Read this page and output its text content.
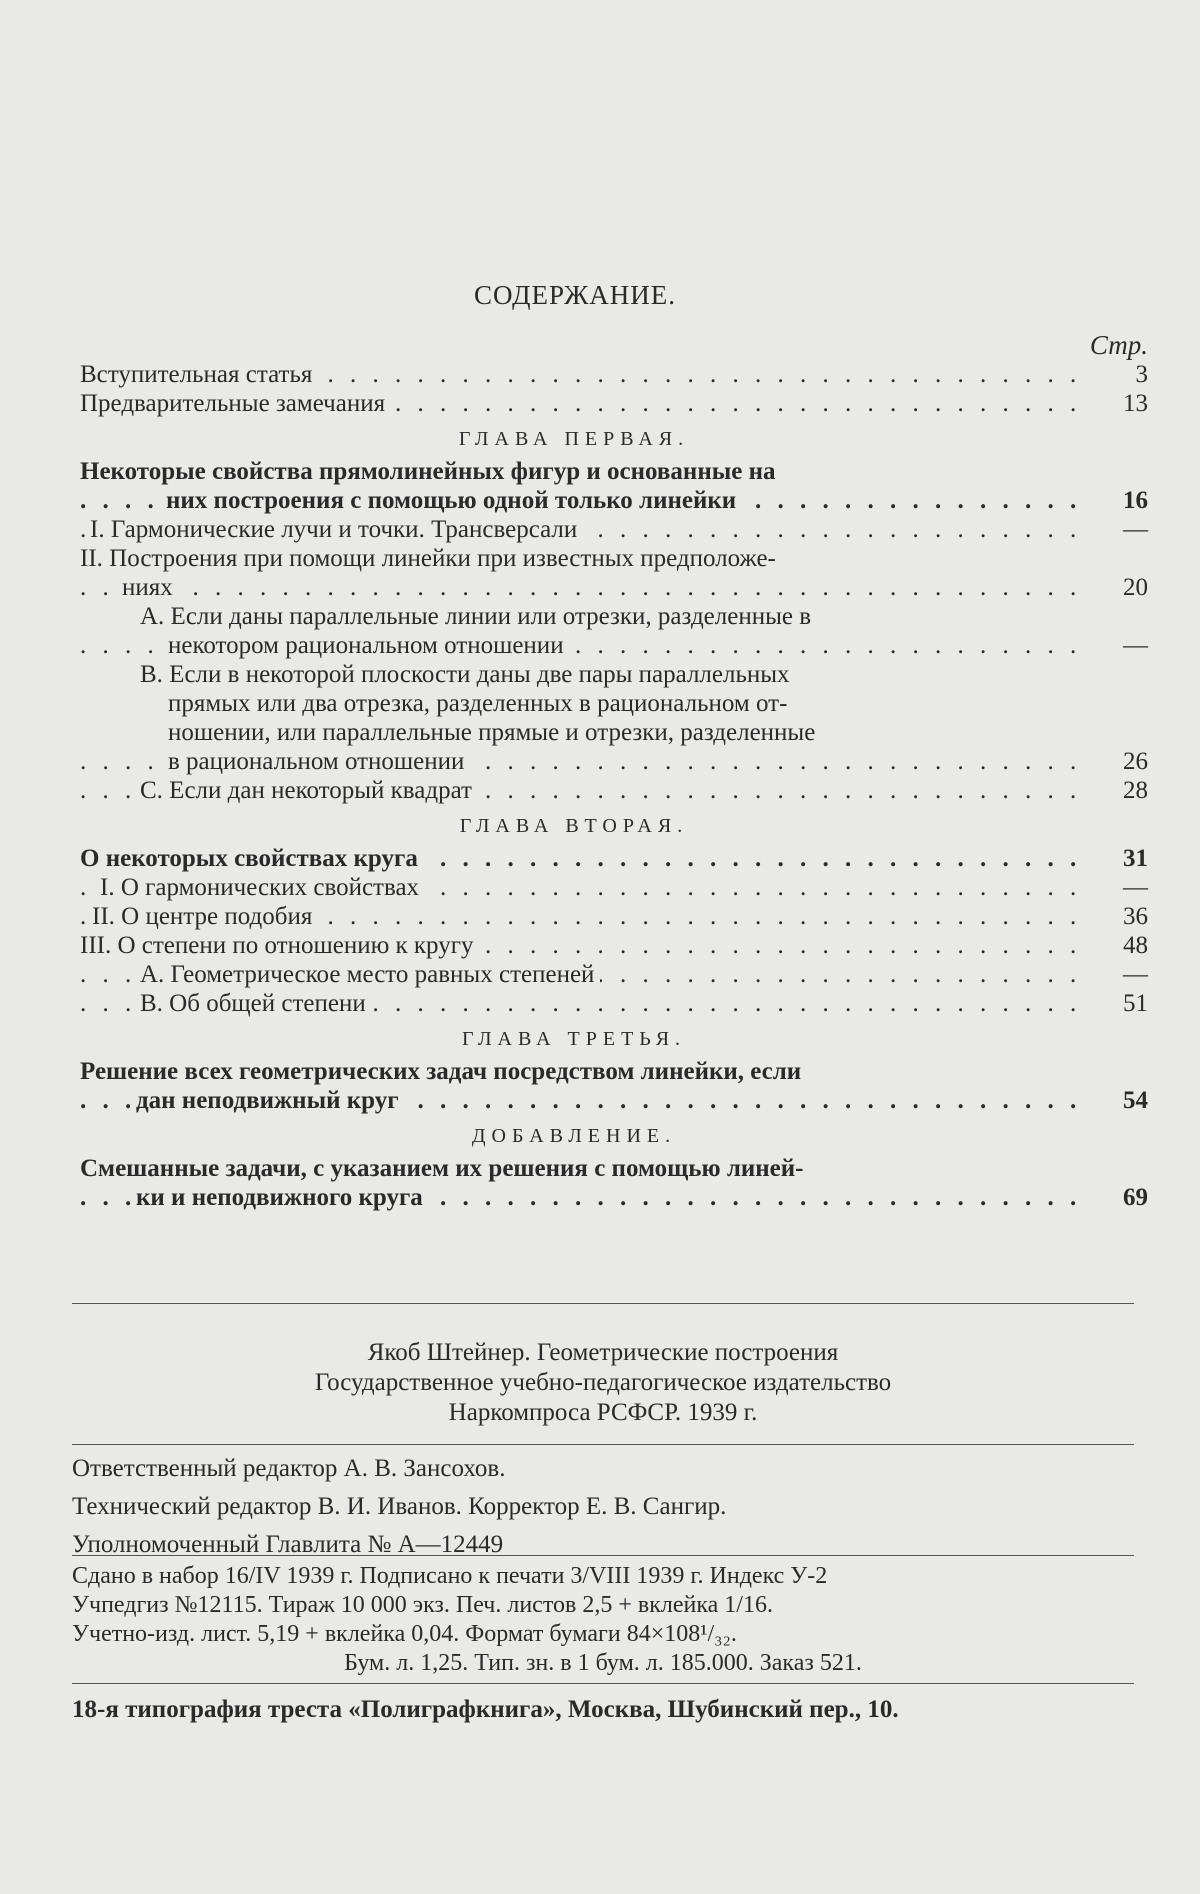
СОДЕРЖАНИЕ.
Стр.
Вступительная статья . . .	3
Предварительные замечания . . .	13
ГЛАВА ПЕРВАЯ.
Некоторые свойства прямолинейных фигур и основанные на
них построения с помощью одной только линейки . . .	16
I. Гармонические лучи и точки. Трансверсали . . .	—
II. Построения при помощи линейки при известных предположе-
ниях . . .	20
А. Если даны параллельные линии или отрезки, разделенные в
некотором рациональном отношении . . .	—
В. Если в некоторой плоскости даны две пары параллельных
прямых или два отрезка, разделенных в рациональном от-
ношении, или параллельные прямые и отрезки, разделенные
в рациональном отношении . . .	26
С. Если дан некоторый квадрат . . .	28
ГЛАВА ВТОРАЯ.
О некоторых свойствах круга . . .	31
I. О гармонических свойствах . . .	—
II. О центре подобия . . .	36
III. О степени по отношению к кругу . . .	48
А. Геометрическое место равных степеней . . .	—
В. Об общей степени . . .	51
ГЛАВА ТРЕТЬЯ.
Решение всех геометрических задач посредством линейки, если
дан неподвижный круг . . .	54
ДОБАВЛЕНИЕ.
Смешанные задачи, с указанием их решения с помощью линей-
ки и неподвижного круга . . .	69
Якоб Штейнер. Геометрические построения
Государственное учебно-педагогическое издательство
Наркомпроса РСФСР. 1939 г.
Ответственный редактор А. В. Зансохов.
Технический редактор В. И. Иванов. Корректор Е. В. Сангир.
Уполномоченный Главлита № А—12449
Сдано в набор 16/IV 1939 г. Подписано к печати 3/VIII 1939 г. Индекс У-2
Учпедгиз №12115. Тираж 10 000 экз. Печ. листов 2,5 + вклейка 1/16.
Учетно-изд. лист. 5,19 + вклейка 0,04. Формат бумаги 84×108¹/₃₂.
Бум. л. 1,25. Тип. зн. в 1 бум. л. 185.000. Заказ 521.
18-я типография треста «Полиграфкнига», Москва, Шубинский пер., 10.
